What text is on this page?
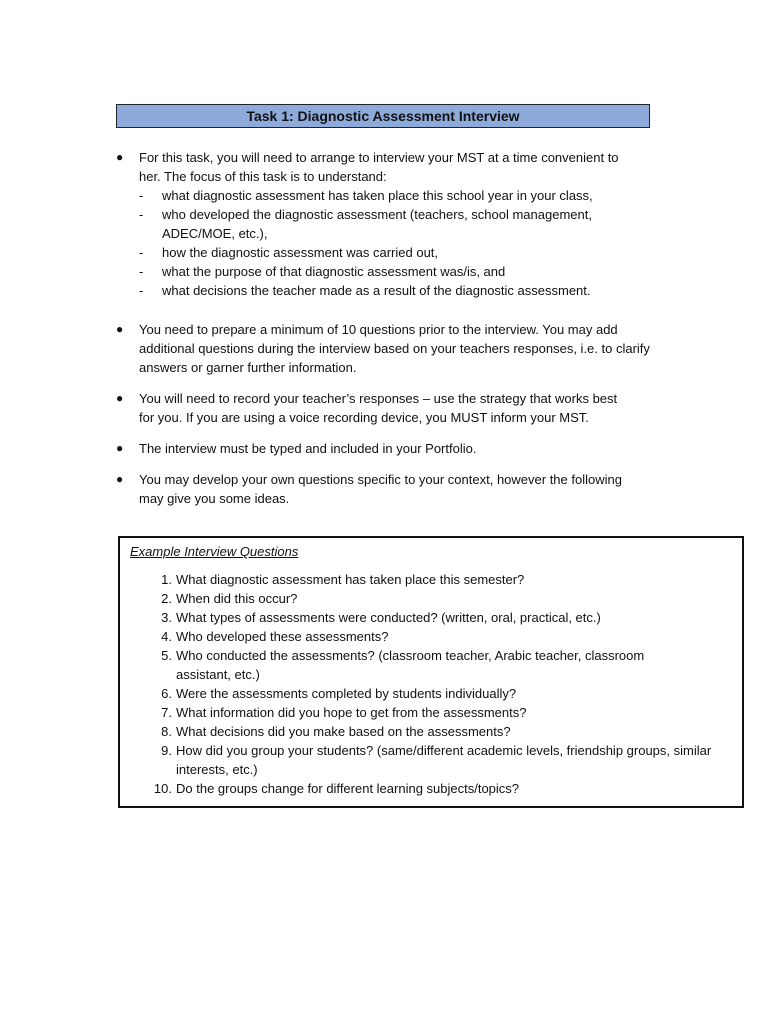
Task 1: Diagnostic Assessment Interview
● For this task, you will need to arrange to interview your MST at a time convenient to her. The focus of this task is to understand:
- what diagnostic assessment has taken place this school year in your class,
- who developed the diagnostic assessment (teachers, school management, ADEC/MOE, etc.),
- how the diagnostic assessment was carried out,
- what the purpose of that diagnostic assessment was/is, and
- what decisions the teacher made as a result of the diagnostic assessment.
● You need to prepare a minimum of 10 questions prior to the interview. You may add additional questions during the interview based on your teachers responses, i.e. to clarify answers or garner further information.
● You will need to record your teacher’s responses – use the strategy that works best for you. If you are using a voice recording device, you MUST inform your MST.
● The interview must be typed and included in your Portfolio.
● You may develop your own questions specific to your context, however the following may give you some ideas.
Example Interview Questions
1. What diagnostic assessment has taken place this semester?
2. When did this occur?
3. What types of assessments were conducted? (written, oral, practical, etc.)
4. Who developed these assessments?
5. Who conducted the assessments? (classroom teacher, Arabic teacher, classroom assistant, etc.)
6. Were the assessments completed by students individually?
7. What information did you hope to get from the assessments?
8. What decisions did you make based on the assessments?
9. How did you group your students? (same/different academic levels, friendship groups, similar interests, etc.)
10. Do the groups change for different learning subjects/topics?
